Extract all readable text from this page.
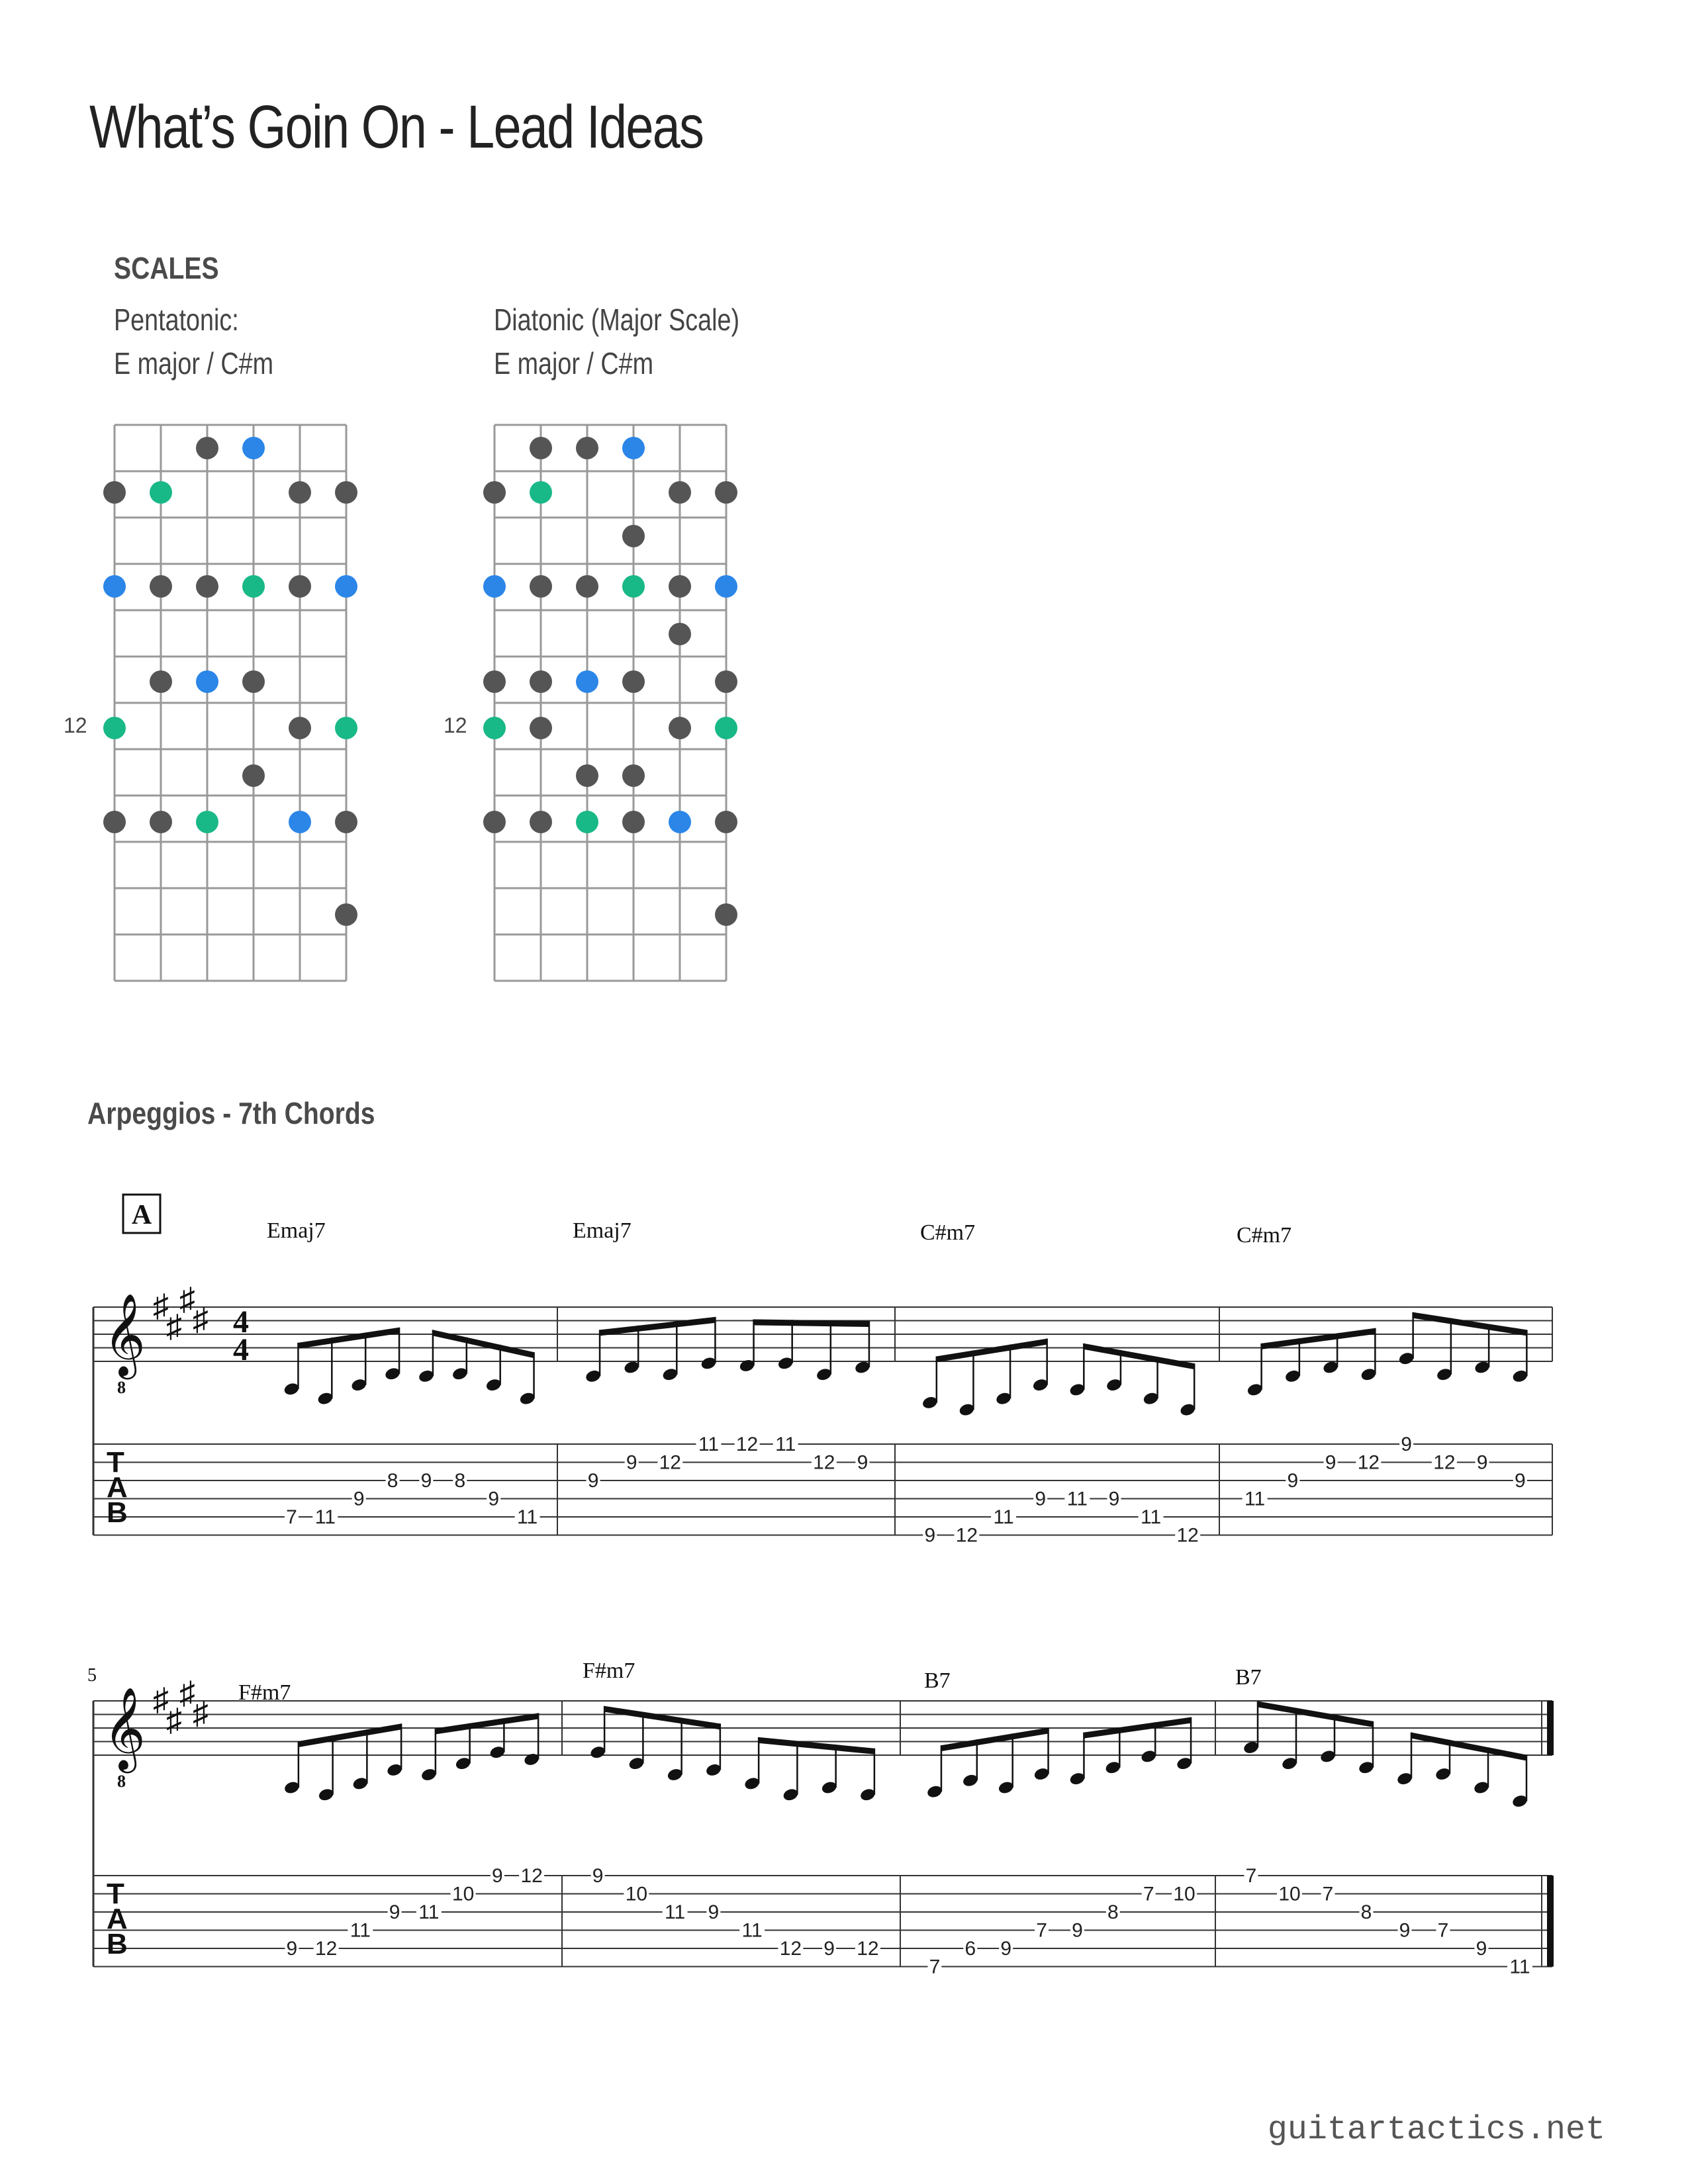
What’s Goin On - Lead Ideas
SCALES
Pentatonic:
E major / C#m
Diatonic (Major Scale)
E major / C#m
12	12
Arpeggios - 7th Chords
𝄞
8
♯
♯
♯
♯
T
A
B
4
4
Emaj7
7 11
9
8 9 8
9
11
Emaj7
9
9 12
11 12 11
12 9
C#m7
9 12
11
9 11 9
11
12
C#m7
11
9
9 12
9
12 9
9
𝄞
8
♯
♯
♯
♯
T
A
B
5
F#m7
9 12
11
9 11
10
9 12
F#m7
9
10
11 9
11
12 9 12
B7
7
6 9
7 9
8
7 10
B7
7
10 7
8
9 7
9
11
A
guitartactics.net
